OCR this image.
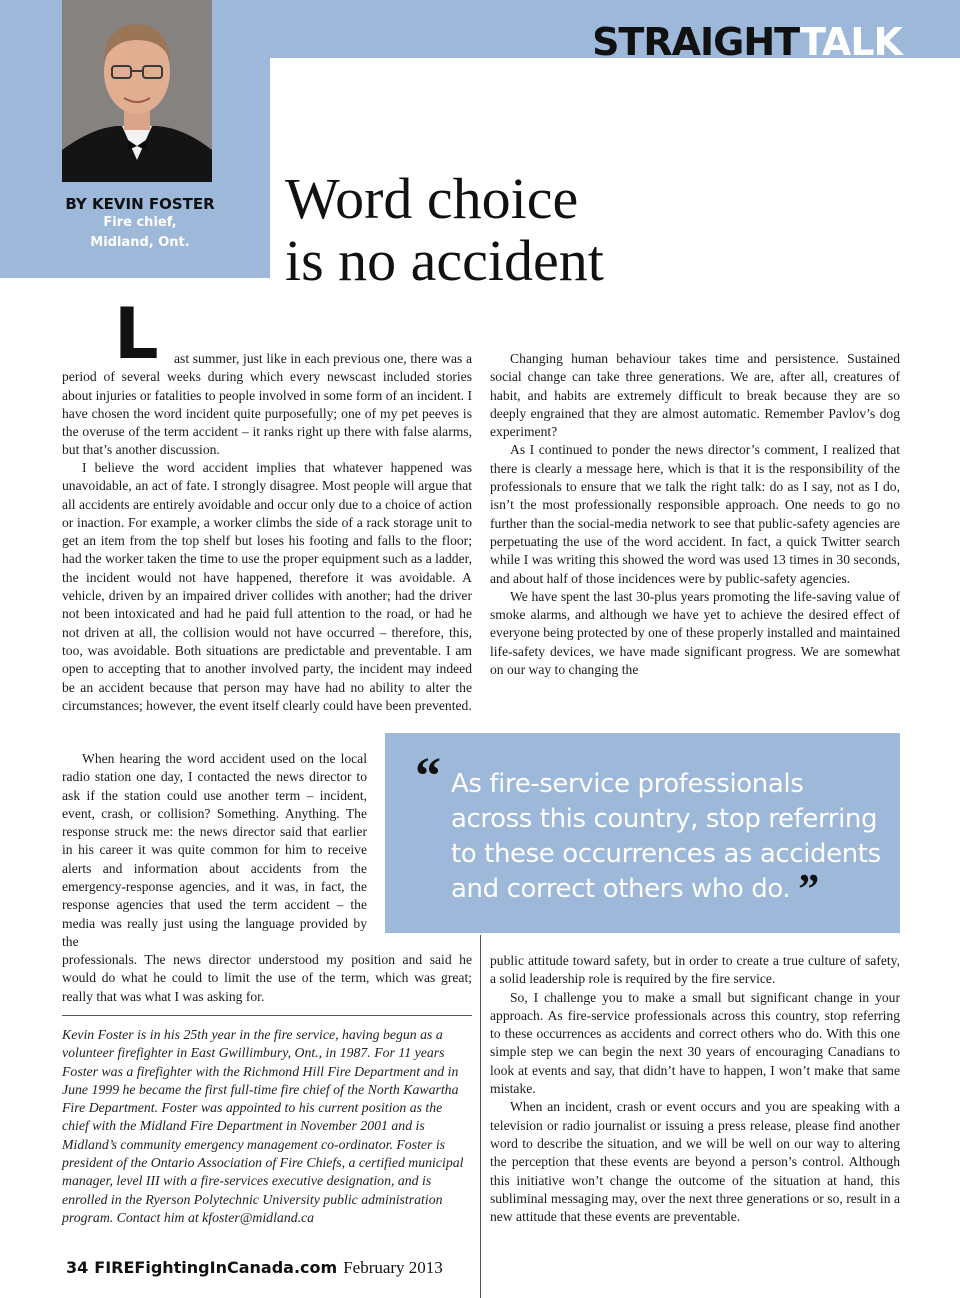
STRAIGHTTALK
BY KEVIN FOSTER
Fire chief,
Midland, Ont.
Word choice
is no accident
L	ast summer, just like in each previous one, there was a period of several weeks during which every newscast included stories about injuries or fatalities to people involved in some form of an incident. I have chosen the word incident quite purposefully; one of my pet peeves is the overuse of the term accident – it ranks right up there with false alarms, but that’s another discussion.

I believe the word accident implies that whatever happened was unavoidable, an act of fate. I strongly disagree. Most people will argue that all accidents are entirely avoidable and occur only due to a choice of action or inaction. For example, a worker climbs the side of a rack storage unit to get an item from the top shelf but loses his footing and falls to the floor; had the worker taken the time to use the proper equipment such as a ladder, the incident would not have happened, therefore it was avoidable. A vehicle, driven by an impaired driver collides with another; had the driver not been intoxicated and had he paid full attention to the road, or had he not driven at all, the collision would not have occurred – therefore, this, too, was avoidable. Both situations are predictable and preventable. I am open to accepting that to another involved party, the incident may indeed be an accident because that person may have had no ability to alter the circumstances; however, the event itself clearly could have been prevented.

When hearing the word accident used on the local radio station one day, I contacted the news director to ask if the station could use another term – incident, event, crash, or collision? Something. Anything. The response struck me: the news director said that earlier in his career it was quite common for him to receive alerts and information about accidents from the emergency-response agencies, and it was, in fact, the response agencies that used the term accident – the media was really just using the language provided by the

professionals. The news director understood my position and said he would do what he could to limit the use of the term, which was great; really that was what I was asking for.

Changing human behaviour takes time and persistence. Sustained social change can take three generations. We are, after all, creatures of habit, and habits are extremely difficult to break because they are so deeply engrained that they are almost automatic. Remember Pavlov’s dog experiment?

As I continued to ponder the news director’s comment, I realized that there is clearly a message here, which is that it is the responsibility of the professionals to ensure that we talk the right talk: do as I say, not as I do, isn’t the most professionally responsible approach. One needs to go no further than the social-media network to see that public-safety agencies are perpetuating the use of the word accident. In fact, a quick Twitter search while I was writing this showed the word was used 13 times in 30 seconds, and about half of those incidences were by public-safety agencies.

We have spent the last 30-plus years promoting the life-saving value of smoke alarms, and although we have yet to achieve the desired effect of everyone being protected by one of these properly installed and maintained life-safety devices, we have made significant progress. We are somewhat on our way to changing the

“ As fire-service professionals across this country, stop referring to these occurrences as accidents and correct others who do. ”

public attitude toward safety, but in order to create a true culture of safety, a solid leadership role is required by the fire service.

So, I challenge you to make a small but significant change in your approach. As fire-service professionals across this country, stop referring to these occurrences as accidents and correct others who do. With this one simple step we can begin the next 30 years of encouraging Canadians to look at events and say, that didn’t have to happen, I won’t make that same mistake.

When an incident, crash or event occurs and you are speaking with a television or radio journalist or issuing a press release, please find another word to describe the situation, and we will be well on our way to altering the perception that these events are beyond a person’s control. Although this initiative won’t change the outcome of the situation at hand, this subliminal messaging may, over the next three generations or so, result in a new attitude that these events are preventable.

Kevin Foster is in his 25th year in the fire service, having begun as a volunteer firefighter in East Gwillimbury, Ont., in 1987. For 11 years Foster was a firefighter with the Richmond Hill Fire Department and in June 1999 he became the first full-time fire chief of the North Kawartha Fire Department. Foster was appointed to his current position as the chief with the Midland Fire Department in November 2001 and is Midland’s community emergency management co-ordinator. Foster is president of the Ontario Association of Fire Chiefs, a certified municipal manager, level III with a fire-services executive designation, and is enrolled in the Ryerson Polytechnic University public administration program. Contact him at kfoster@midland.ca
34 FIREFightingInCanada.com February 2013
